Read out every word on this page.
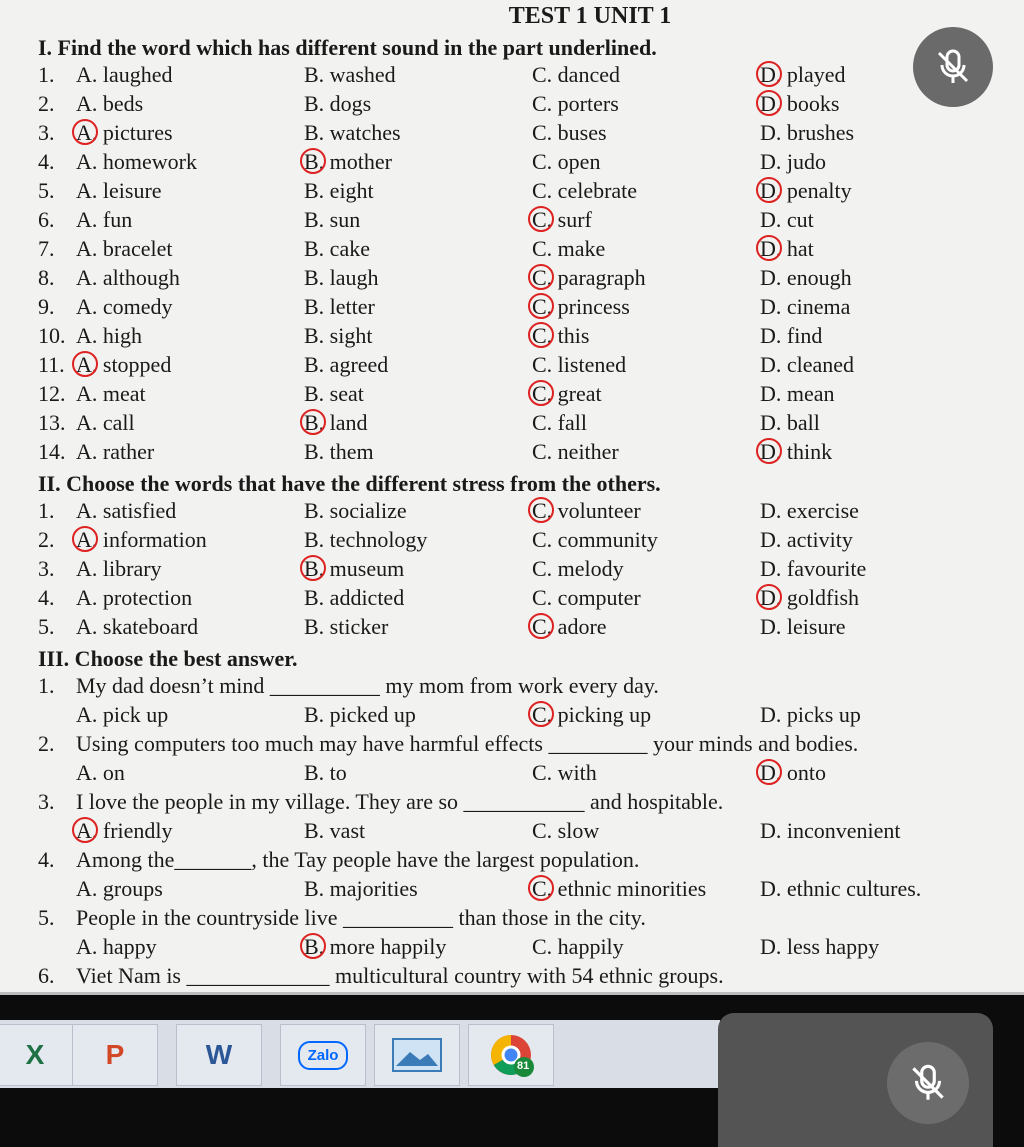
TEST 1 UNIT 1
I. Find the word which has different sound in the part underlined.
1. A. laughed	B. washed	C. danced	D. played
2. A. beds	B. dogs	C. porters	D. books
3. A. pictures	B. watches	C. buses	D. brushes
4. A. homework	B. mother	C. open	D. judo
5. A. leisure	B. eight	C. celebrate	D. penalty
6. A. fun	B. sun	C. surf	D. cut
7. A. bracelet	B. cake	C. make	D. hat
8. A. although	B. laugh	C. paragraph	D. enough
9. A. comedy	B. letter	C. princess	D. cinema
10. A. high	B. sight	C. this	D. find
11. A. stopped	B. agreed	C. listened	D. cleaned
12. A. meat	B. seat	C. great	D. mean
13. A. call	B. land	C. fall	D. ball
14. A. rather	B. them	C. neither	D. think
II. Choose the words that have the different stress from the others.
1. A. satisfied	B. socialize	C. volunteer	D. exercise
2. A. information	B. technology	C. community	D. activity
3. A. library	B. museum	C. melody	D. favourite
4. A. protection	B. addicted	C. computer	D. goldfish
5. A. skateboard	B. sticker	C. adore	D. leisure
III. Choose the best answer.
1. My dad doesn’t mind __________ my mom from work every day.
A. pick up	B. picked up	C. picking up	D. picks up
2. Using computers too much may have harmful effects _________ your minds and bodies.
A. on	B. to	C. with	D. onto
3. I love the people in my village. They are so ___________ and hospitable.
A. friendly	B. vast	C. slow	D. inconvenient
4. Among the_______, the Tay people have the largest population.
A. groups	B. majorities	C. ethnic minorities D. ethnic cultures.
5. People in the countryside live __________ than those in the city.
A. happy	B. more happily	C. happily	D. less happy
6. Viet Nam is _____________ multicultural country with 54 ethnic groups.
X P	W	Zalo
81
